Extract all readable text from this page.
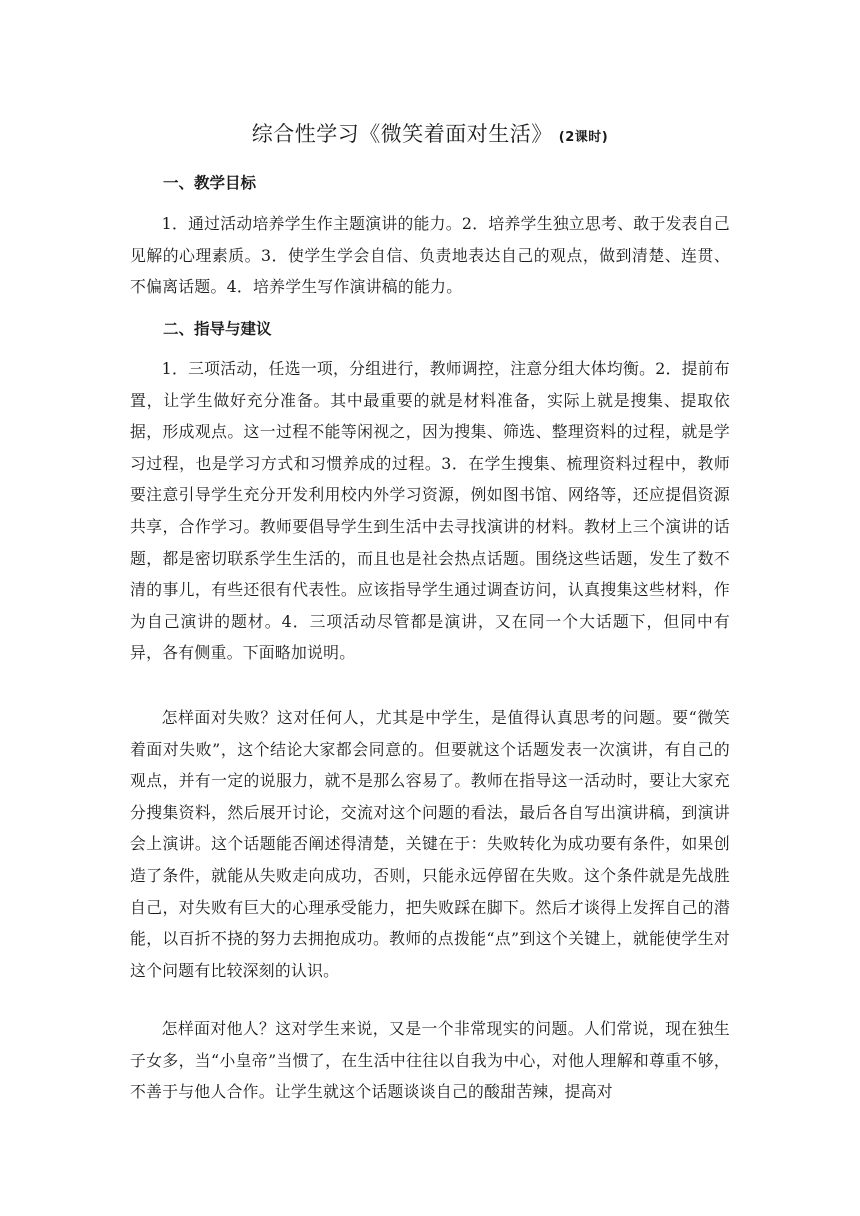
综合性学习《微笑着面对生活》 (2课时)
一、教学目标
1．通过活动培养学生作主题演讲的能力。2．培养学生独立思考、敢于发表自己见解的心理素质。3．使学生学会自信、负责地表达自己的观点，做到清楚、连贯、不偏离话题。4．培养学生写作演讲稿的能力。
二、指导与建议
1．三项活动，任选一项，分组进行，教师调控，注意分组大体均衡。2．提前布置，让学生做好充分准备。其中最重要的就是材料准备，实际上就是搜集、提取依据，形成观点。这一过程不能等闲视之，因为搜集、筛选、整理资料的过程，就是学习过程，也是学习方式和习惯养成的过程。3．在学生搜集、梳理资料过程中，教师要注意引导学生充分开发利用校内外学习资源，例如图书馆、网络等，还应提倡资源共享，合作学习。教师要倡导学生到生活中去寻找演讲的材料。教材上三个演讲的话题，都是密切联系学生生活的，而且也是社会热点话题。围绕这些话题，发生了数不清的事儿，有些还很有代表性。应该指导学生通过调查访问，认真搜集这些材料，作为自己演讲的题材。4．三项活动尽管都是演讲，又在同一个大话题下，但同中有异，各有侧重。下面略加说明。
怎样面对失败？这对任何人，尤其是中学生，是值得认真思考的问题。要“微笑着面对失败”，这个结论大家都会同意的。但要就这个话题发表一次演讲，有自己的观点，并有一定的说服力，就不是那么容易了。教师在指导这一活动时，要让大家充分搜集资料，然后展开讨论，交流对这个问题的看法，最后各自写出演讲稿，到演讲会上演讲。这个话题能否阐述得清楚，关键在于：失败转化为成功要有条件，如果创造了条件，就能从失败走向成功，否则，只能永远停留在失败。这个条件就是先战胜自己，对失败有巨大的心理承受能力，把失败踩在脚下。然后才谈得上发挥自己的潜能，以百折不挠的努力去拥抱成功。教师的点拨能“点”到这个关键上，就能使学生对这个问题有比较深刻的认识。
怎样面对他人？这对学生来说，又是一个非常现实的问题。人们常说，现在独生子女多，当“小皇帝”当惯了，在生活中往往以自我为中心，对他人理解和尊重不够，不善于与他人合作。让学生就这个话题谈谈自己的酸甜苦辣，提高对
